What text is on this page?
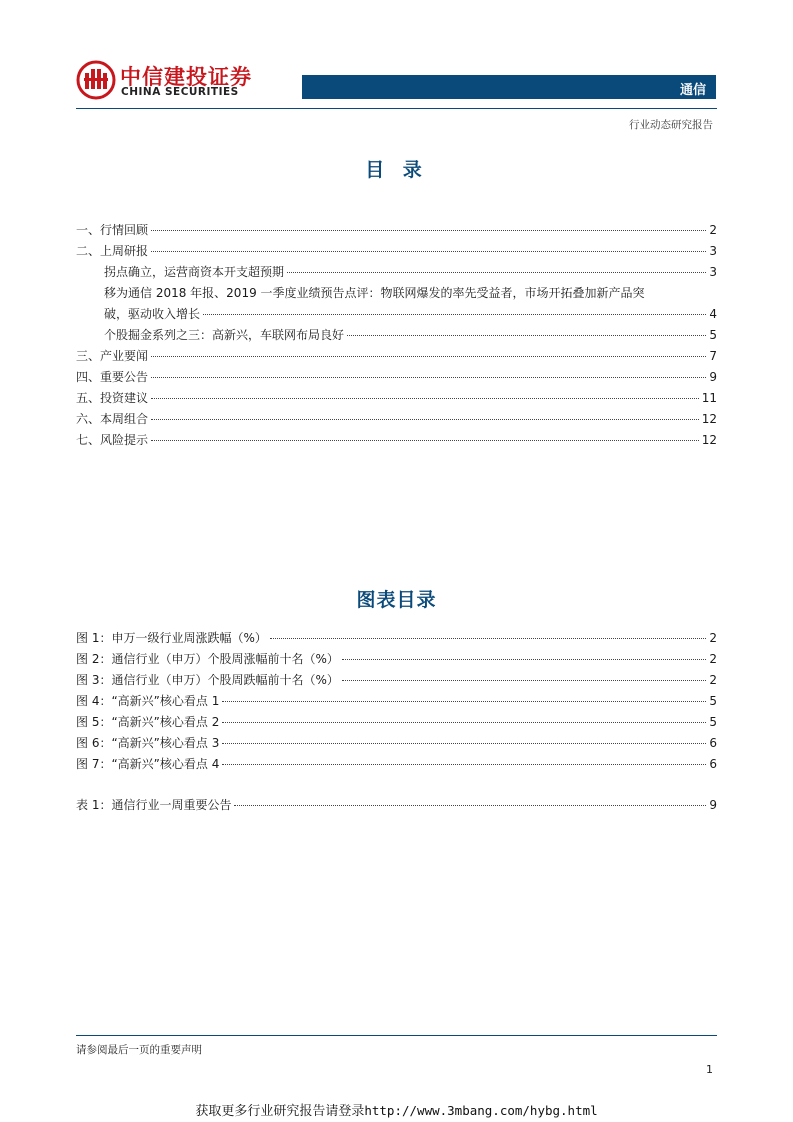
中信建投证券
CHINA SECURITIES	通信
行业动态研究报告
目 录
一、行情回顾	2
二、上周研报	3
拐点确立，运营商资本开支超预期	3
移为通信 2018 年报、2019 一季度业绩预告点评：物联网爆发的率先受益者，市场开拓叠加新产品突
破，驱动收入增长	4
个股掘金系列之三：高新兴，车联网布局良好	5
三、产业要闻	7
四、重要公告	9
五、投资建议	11
六、本周组合	12
七、风险提示	12
图表目录
图 1：申万一级行业周涨跌幅（%）	2
图 2：通信行业（申万）个股周涨幅前十名（%）	2
图 3：通信行业（申万）个股周跌幅前十名（%）	2
图 4：“高新兴”核心看点 1	5
图 5：“高新兴”核心看点 2	5
图 6：“高新兴”核心看点 3	6
图 7：“高新兴”核心看点 4	6
表 1：通信行业一周重要公告	9
请参阅最后一页的重要声明
1
获取更多行业研究报告请登录http://www.3mbang.com/hybg.html
